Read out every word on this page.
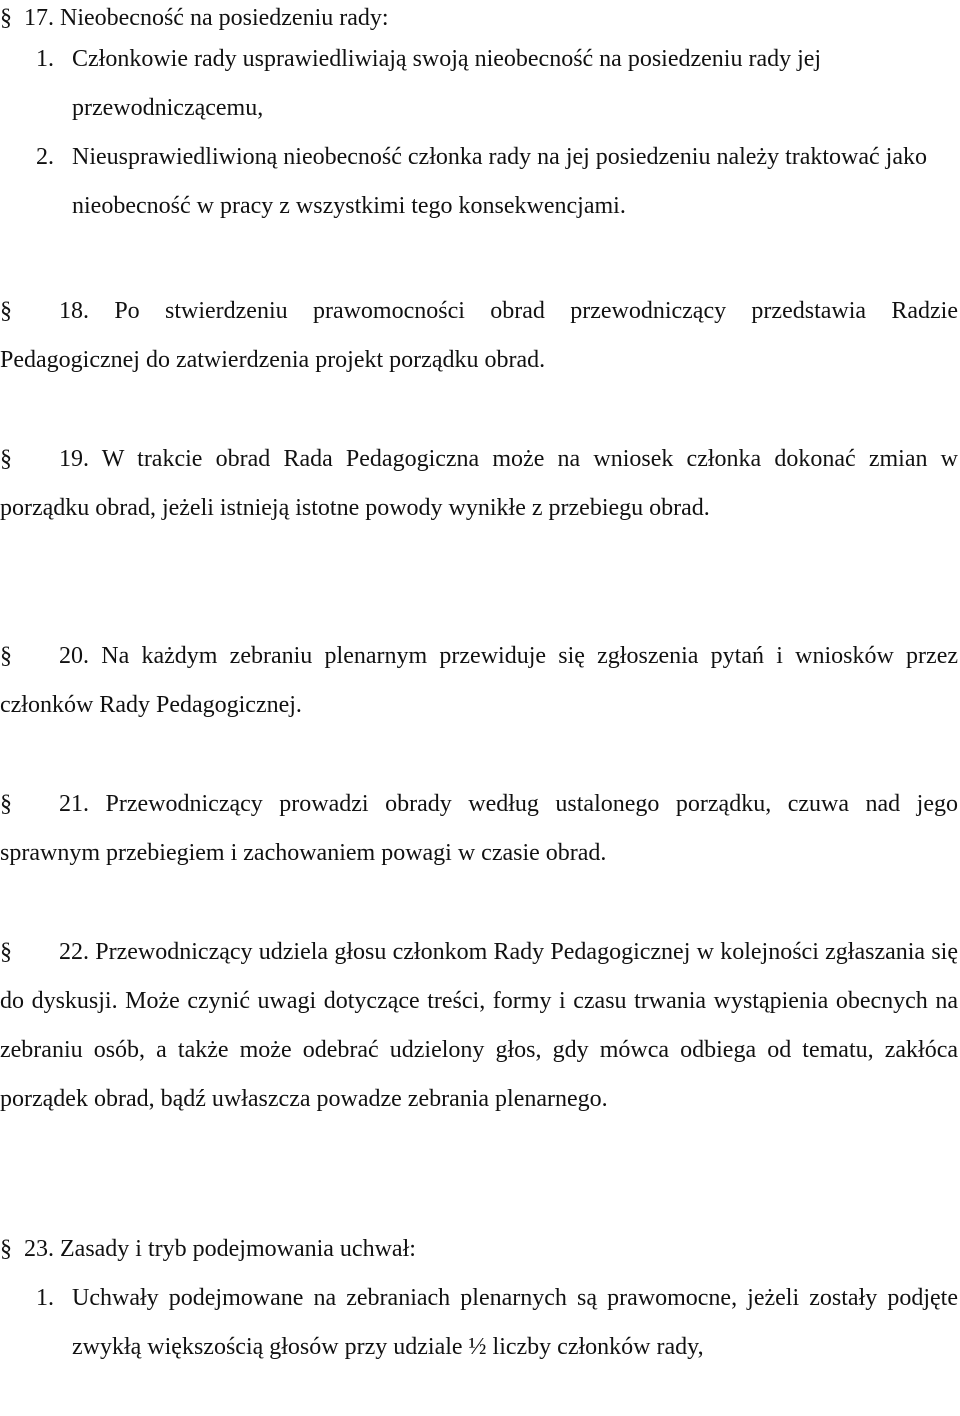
§ 17. Nieobecność na posiedzeniu rady:
1. Członkowie rady usprawiedliwiają swoją nieobecność na posiedzeniu rady jej przewodniczącemu,
2. Nieusprawiedliwioną nieobecność członka rady na jej posiedzeniu należy traktować jako nieobecność w pracy z wszystkimi tego konsekwencjami.
§	18. Po stwierdzeniu prawomocności obrad przewodniczący przedstawia Radzie Pedagogicznej do zatwierdzenia projekt porządku obrad.

§	19. W trakcie obrad Rada Pedagogiczna może na wniosek członka dokonać zmian w porządku obrad, jeżeli istnieją istotne powody wynikłe z przebiegu obrad.

§	20. Na każdym zebraniu plenarnym przewiduje się zgłoszenia pytań i wniosków przez członków Rady Pedagogicznej.

§	21. Przewodniczący prowadzi obrady według ustalonego porządku, czuwa nad jego sprawnym przebiegiem i zachowaniem powagi w czasie obrad.

§	22. Przewodniczący udziela głosu członkom Rady Pedagogicznej w kolejności zgłaszania się do dyskusji. Może czynić uwagi dotyczące treści, formy i czasu trwania wystąpienia obecnych na zebraniu osób, a także może odebrać udzielony głos, gdy mówca odbiega od tematu, zakłóca porządek obrad, bądź uwłaszcza powadze zebrania plenarnego.

§ 23. Zasady i tryb podejmowania uchwał:
1. Uchwały podejmowane na zebraniach plenarnych są prawomocne, jeżeli zostały podjęte zwykłą większością głosów przy udziale ½ liczby członków rady,
